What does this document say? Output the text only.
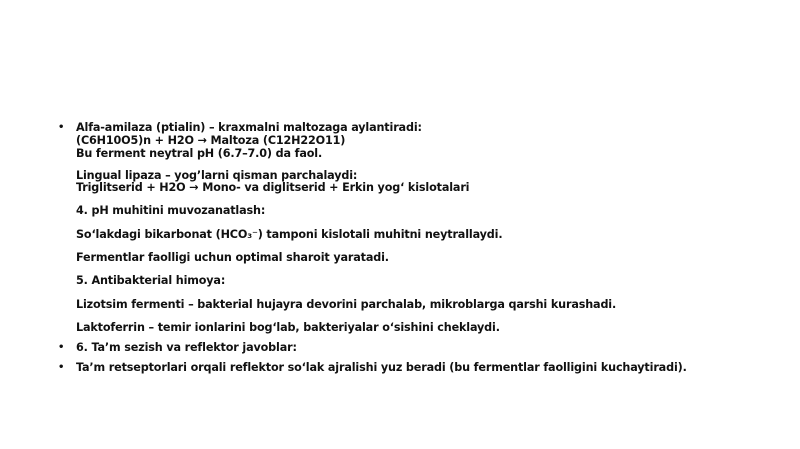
• Alfa-amilaza (ptialin) – kraxmalni maltozaga aylantiradi:
(C6H10O5)n + H2O → Maltoza (C12H22O11)
Bu ferment neytral pH (6.7–7.0) da faol.
Lingual lipaza – yog’larni qisman parchalaydi:
Triglitserid + H2O → Mono- va diglitserid + Erkin yog‘ kislotalari
4. pH muhitini muvozanatlash:
So‘lakdagi bikarbonat (HCO₃⁻) tamponi kislotali muhitni neytrallaydi.
Fermentlar faolligi uchun optimal sharoit yaratadi.
5. Antibakterial himoya:
Lizotsim fermenti – bakterial hujayra devorini parchalab, mikroblarga qarshi kurashadi.
Laktoferrin – temir ionlarini bog‘lab, bakteriyalar o‘sishini cheklaydi.
• 6. Ta’m sezish va reflektor javoblar:
• Ta’m retseptorlari orqali reflektor so‘lak ajralishi yuz beradi (bu fermentlar faolligini kuchaytiradi).
